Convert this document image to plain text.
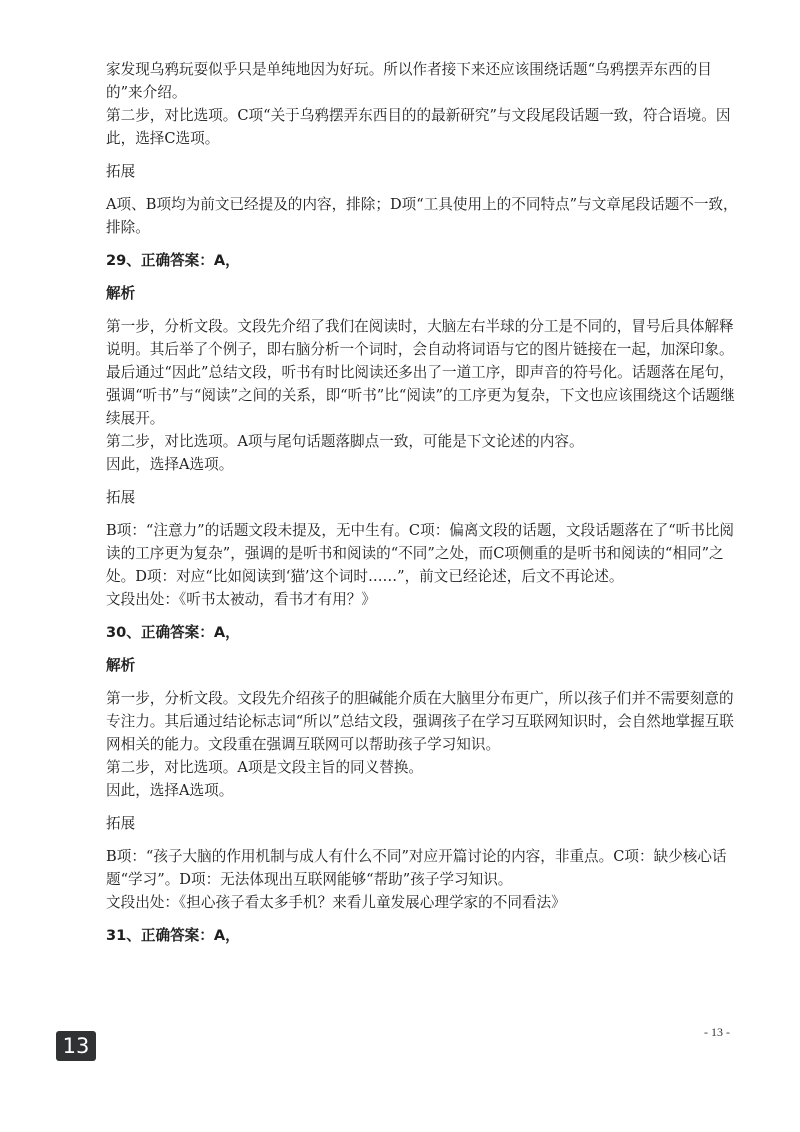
家发现乌鸦玩耍似乎只是单纯地因为好玩。所以作者接下来还应该围绕话题“乌鸦摆弄东西的目的”来介绍。

第二步，对比选项。C项“关于乌鸦摆弄东西目的的最新研究”与文段尾段话题一致，符合语境。因此，选择C选项。

拓展

A项、B项均为前文已经提及的内容，排除；D项“工具使用上的不同特点”与文章尾段话题不一致，排除。

29、正确答案：A，

解析

第一步，分析文段。文段先介绍了我们在阅读时，大脑左右半球的分工是不同的，冒号后具体解释说明。其后举了个例子，即右脑分析一个词时，会自动将词语与它的图片链接在一起，加深印象。最后通过“因此”总结文段，听书有时比阅读还多出了一道工序，即声音的符号化。话题落在尾句，强调“听书”与“阅读”之间的关系，即“听书”比“阅读”的工序更为复杂，下文也应该围绕这个话题继续展开。

第二步，对比选项。A项与尾句话题落脚点一致，可能是下文论述的内容。

因此，选择A选项。

拓展

B项：“注意力”的话题文段未提及，无中生有。C项：偏离文段的话题，文段话题落在了“听书比阅读的工序更为复杂”，强调的是听书和阅读的“不同”之处，而C项侧重的是听书和阅读的“相同”之处。D项：对应“比如阅读到‘猫’这个词时……”，前文已经论述，后文不再论述。

文段出处：《听书太被动，看书才有用？》

30、正确答案：A，

解析

第一步，分析文段。文段先介绍孩子的胆碱能介质在大脑里分布更广，所以孩子们并不需要刻意的专注力。其后通过结论标志词“所以”总结文段，强调孩子在学习互联网知识时，会自然地掌握互联网相关的能力。文段重在强调互联网可以帮助孩子学习知识。

第二步，对比选项。A项是文段主旨的同义替换。

因此，选择A选项。

拓展

B项：“孩子大脑的作用机制与成人有什么不同”对应开篇讨论的内容，非重点。C项：缺少核心话题“学习”。D项：无法体现出互联网能够“帮助”孩子学习知识。

文段出处：《担心孩子看太多手机？来看儿童发展心理学家的不同看法》

31、正确答案：A，

13
- 13 -
